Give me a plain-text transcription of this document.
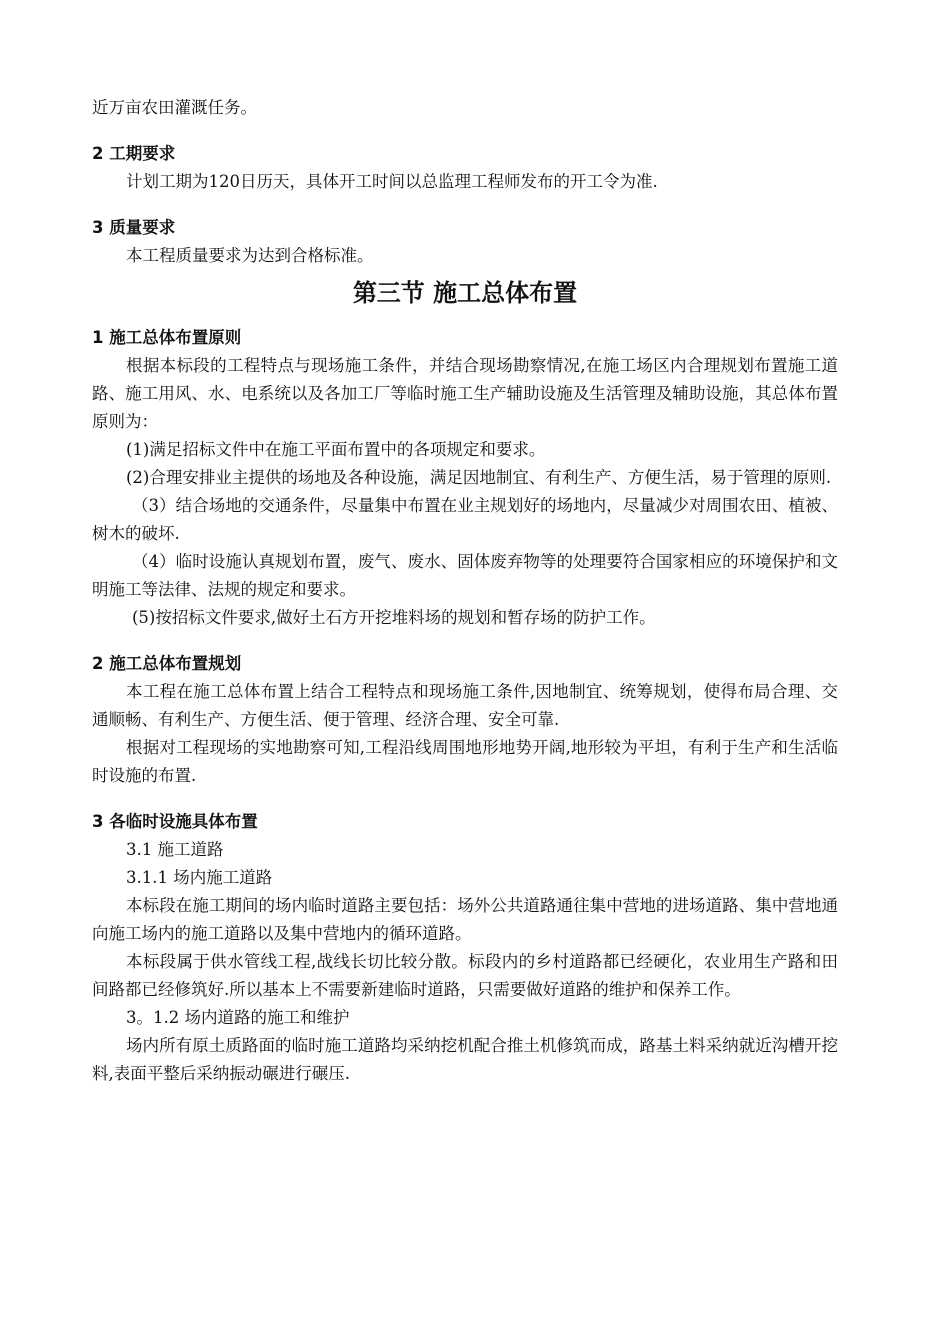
近万亩农田灌溉任务。

2 工期要求

计划工期为120日历天，具体开工时间以总监理工程师发布的开工令为准.

3 质量要求

本工程质量要求为达到合格标准。

第三节 施工总体布置
1 施工总体布置原则

根据本标段的工程特点与现场施工条件，并结合现场勘察情况,在施工场区内合理规划布置施工道路、施工用风、水、电系统以及各加工厂等临时施工生产辅助设施及生活管理及辅助设施，其总体布置原则为：

(1)满足招标文件中在施工平面布置中的各项规定和要求。

(2)合理安排业主提供的场地及各种设施，满足因地制宜、有利生产、方便生活，易于管理的原则.

（3）结合场地的交通条件，尽量集中布置在业主规划好的场地内，尽量减少对周围农田、植被、树木的破坏.

（4）临时设施认真规划布置，废气、废水、固体废弃物等的处理要符合国家相应的环境保护和文明施工等法律、法规的规定和要求。

(5)按招标文件要求,做好土石方开挖堆料场的规划和暂存场的防护工作。

2 施工总体布置规划

本工程在施工总体布置上结合工程特点和现场施工条件,因地制宜、统筹规划，使得布局合理、交通顺畅、有利生产、方便生活、便于管理、经济合理、安全可靠.

根据对工程现场的实地勘察可知,工程沿线周围地形地势开阔,地形较为平坦，有利于生产和生活临时设施的布置.

3 各临时设施具体布置

3.1 施工道路

3.1.1 场内施工道路

本标段在施工期间的场内临时道路主要包括：场外公共道路通往集中营地的进场道路、集中营地通向施工场内的施工道路以及集中营地内的循环道路。

本标段属于供水管线工程,战线长切比较分散。标段内的乡村道路都已经硬化，农业用生产路和田间路都已经修筑好.所以基本上不需要新建临时道路，只需要做好道路的维护和保养工作。

3。1.2 场内道路的施工和维护

场内所有原土质路面的临时施工道路均采纳挖机配合推土机修筑而成，路基土料采纳就近沟槽开挖料,表面平整后采纳振动碾进行碾压.
